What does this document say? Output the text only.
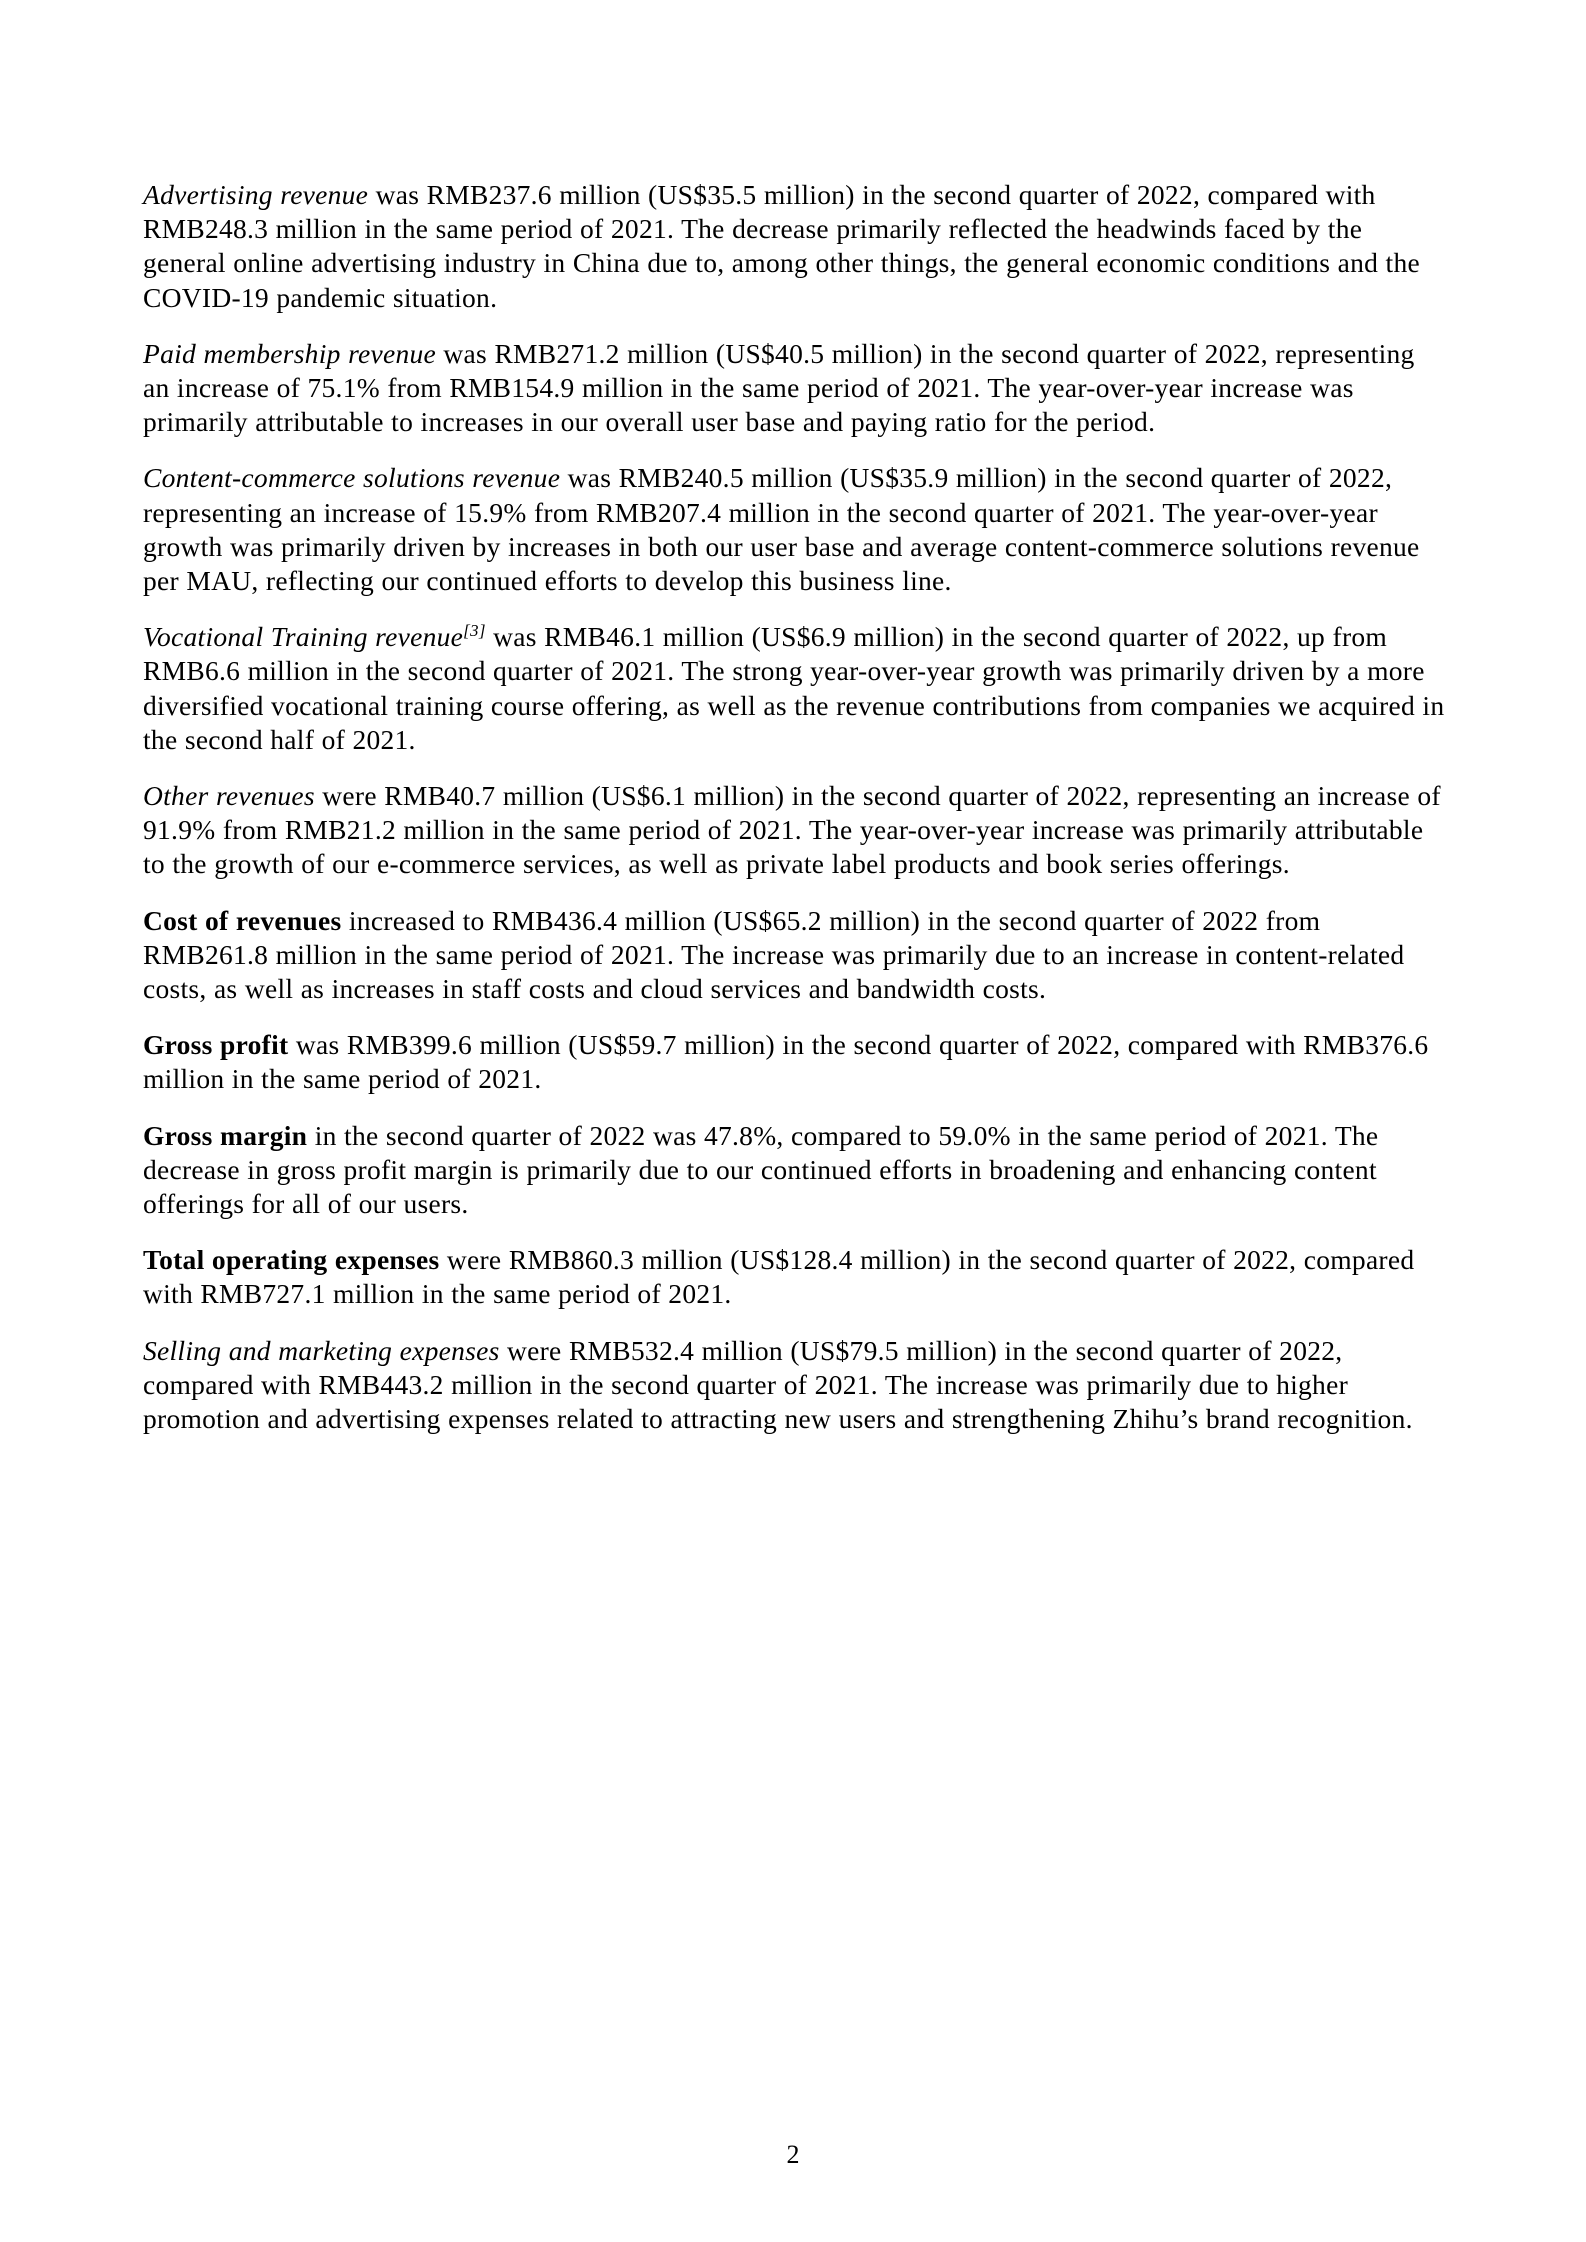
Advertising revenue was RMB237.6 million (US$35.5 million) in the second quarter of 2022, compared with RMB248.3 million in the same period of 2021. The decrease primarily reflected the headwinds faced by the general online advertising industry in China due to, among other things, the general economic conditions and the COVID-19 pandemic situation.

Paid membership revenue was RMB271.2 million (US$40.5 million) in the second quarter of 2022, representing an increase of 75.1% from RMB154.9 million in the same period of 2021. The year-over-year increase was primarily attributable to increases in our overall user base and paying ratio for the period.

Content-commerce solutions revenue was RMB240.5 million (US$35.9 million) in the second quarter of 2022, representing an increase of 15.9% from RMB207.4 million in the second quarter of 2021. The year-over-year growth was primarily driven by increases in both our user base and average content-commerce solutions revenue per MAU, reflecting our continued efforts to develop this business line.

Vocational Training revenue[3] was RMB46.1 million (US$6.9 million) in the second quarter of 2022, up from RMB6.6 million in the second quarter of 2021. The strong year-over-year growth was primarily driven by a more diversified vocational training course offering, as well as the revenue contributions from companies we acquired in the second half of 2021.

Other revenues were RMB40.7 million (US$6.1 million) in the second quarter of 2022, representing an increase of 91.9% from RMB21.2 million in the same period of 2021. The year-over-year increase was primarily attributable to the growth of our e-commerce services, as well as private label products and book series offerings.

Cost of revenues increased to RMB436.4 million (US$65.2 million) in the second quarter of 2022 from RMB261.8 million in the same period of 2021. The increase was primarily due to an increase in content-related costs, as well as increases in staff costs and cloud services and bandwidth costs.

Gross profit was RMB399.6 million (US$59.7 million) in the second quarter of 2022, compared with RMB376.6 million in the same period of 2021.

Gross margin in the second quarter of 2022 was 47.8%, compared to 59.0% in the same period of 2021. The decrease in gross profit margin is primarily due to our continued efforts in broadening and enhancing content offerings for all of our users.

Total operating expenses were RMB860.3 million (US$128.4 million) in the second quarter of 2022, compared with RMB727.1 million in the same period of 2021.

Selling and marketing expenses were RMB532.4 million (US$79.5 million) in the second quarter of 2022, compared with RMB443.2 million in the second quarter of 2021. The increase was primarily due to higher promotion and advertising expenses related to attracting new users and strengthening Zhihu’s brand recognition.

2
